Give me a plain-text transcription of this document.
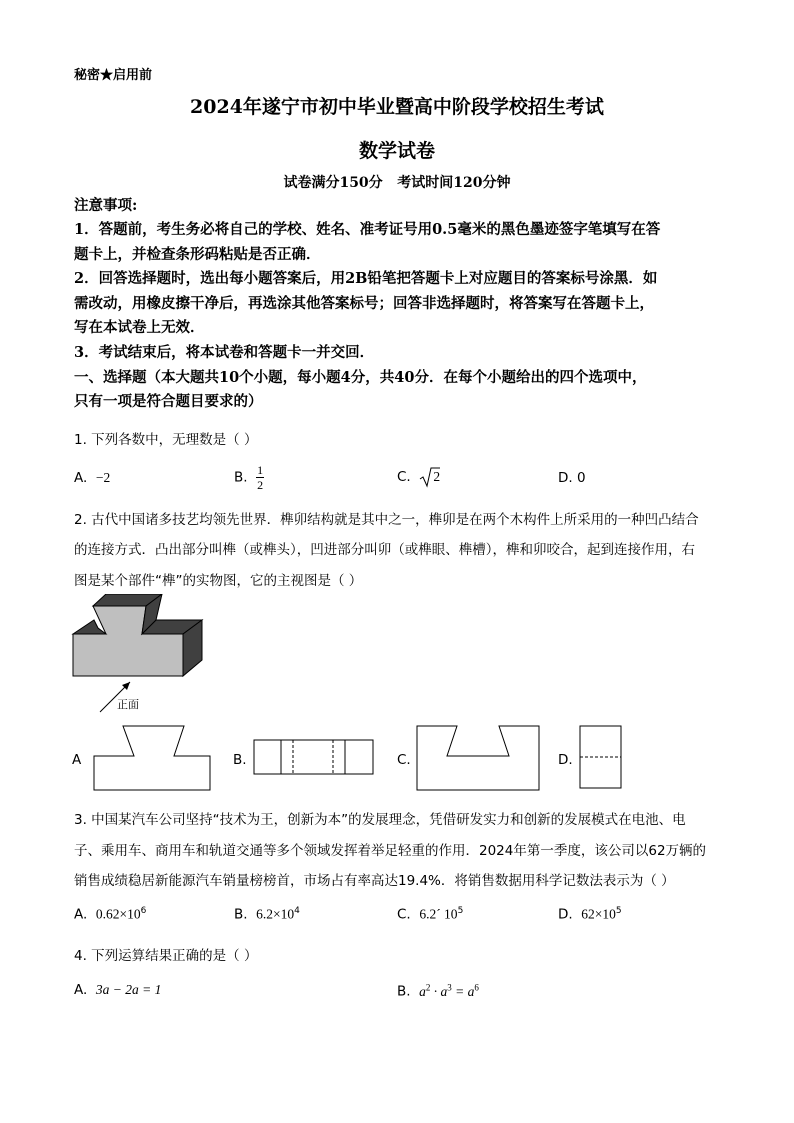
秘密★启用前
2024年遂宁市初中毕业暨高中阶段学校招生考试
数学试卷
试卷满分150分   考试时间120分钟
注意事项:
1．答题前，考生务必将自己的学校、姓名、准考证号用0.5毫米的黑色墨迹签字笔填写在答
题卡上，并检查条形码粘贴是否正确．
2．回答选择题时，选出每小题答案后，用2B铅笔把答题卡上对应题目的答案标号涂黑．如
需改动，用橡皮擦干净后，再选涂其他答案标号；回答非选择题时，将答案写在答题卡上，
写在本试卷上无效．
3．考试结束后，将本试卷和答题卡一并交回．
一、选择题（本大题共10个小题，每小题4分，共40分．在每个小题给出的四个选项中，
只有一项是符合题目要求的）
1. 下列各数中，无理数是（ ）
A. −2	B. $\frac{1}{2}$	C. 2	D. 0
2. 古代中国诸多技艺均领先世界．榫卯结构就是其中之一，榫卯是在两个木构件上所采用的一种凹凸结合
的连接方式．凸出部分叫榫（或榫头），凹进部分叫卯（或榫眼、榫槽），榫和卯咬合，起到连接作用，右
图是某个部件“榫”的实物图，它的主视图是（ ）
正面
A	B.	C.	D.
3. 中国某汽车公司坚持“技术为王，创新为本”的发展理念，凭借研发实力和创新的发展模式在电池、电
子、乘用车、商用车和轨道交通等多个领域发挥着举足轻重的作用．2024年第一季度，该公司以62万辆的
销售成绩稳居新能源汽车销量榜榜首，市场占有率高达19.4%．将销售数据用科学记数法表示为（ ）
A. $0.62\times 10^6$	B. $6.2\times 10^4$	C. 6.2´ $10^5$	D. $62\times 10^5$
4. 下列运算结果正确的是（ ）
A. 3a − 2a = 1	B. $a^2 \cdot a^3 = a^6$
